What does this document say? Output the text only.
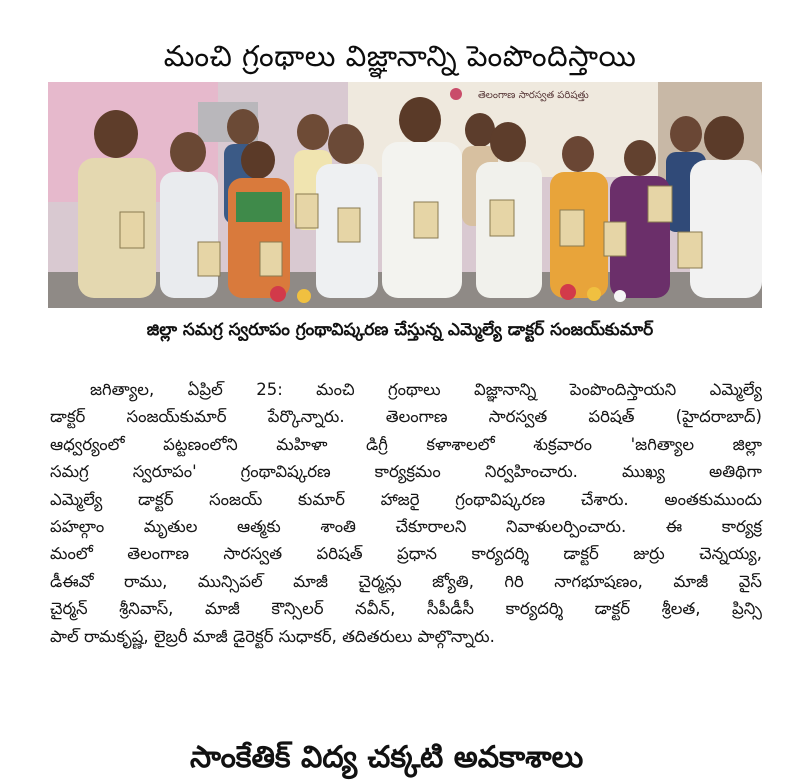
మంచి గ్రంథాలు విజ్ఞానాన్ని పెంపొందిస్తాయి
తెలంగాణ సారస్వత పరిషత్తు
జిల్లా సమగ్ర స్వరూపం గ్రంథావిష్కరణ చేస్తున్న ఎమ్మెల్యే డాక్టర్ సంజయ్‌కుమార్
జగిత్యాల, ఏప్రిల్ 25: మంచి గ్రంథాలు విజ్ఞానాన్ని పెంపొందిస్తాయని ఎమ్మెల్యే
డాక్టర్ సంజయ్‌కుమార్ పేర్కొన్నారు. తెలంగాణ సారస్వత పరిషత్ (హైదరాబాద్)
ఆధ్వర్యంలో పట్టణంలోని మహిళా డిగ్రీ కళాశాలలో శుక్రవారం 'జగిత్యాల జిల్లా
సమగ్ర స్వరూపం' గ్రంథావిష్కరణ కార్యక్రమం నిర్వహించారు. ముఖ్య అతిథిగా
ఎమ్మెల్యే డాక్టర్ సంజయ్ కుమార్ హాజరై గ్రంథావిష్కరణ చేశారు. అంతకుముందు
పహల్గాం మృతుల ఆత్మకు శాంతి చేకూరాలని నివాళులర్పించారు. ఈ కార్యక్ర
మంలో తెలంగాణ సారస్వత పరిషత్ ప్రధాన కార్యదర్శి డాక్టర్ జుర్రు చెన్నయ్య,
డీఈవో రాము, మున్సిపల్ మాజీ చైర్మన్లు జ్యోతి, గిరి నాగభూషణం, మాజీ వైస్
చైర్మన్ శ్రీనివాస్, మాజీ కౌన్సిలర్ నవీన్, సీపీడీసీ కార్యదర్శి డాక్టర్ శ్రీలత, ప్రిన్సి
పాల్ రామకృష్ణ, లైబ్రరీ మాజీ డైరెక్టర్ సుధాకర్, తదితరులు పాల్గొన్నారు.
సాంకేతిక్ విద్య చక్కటి అవకాశాలు
